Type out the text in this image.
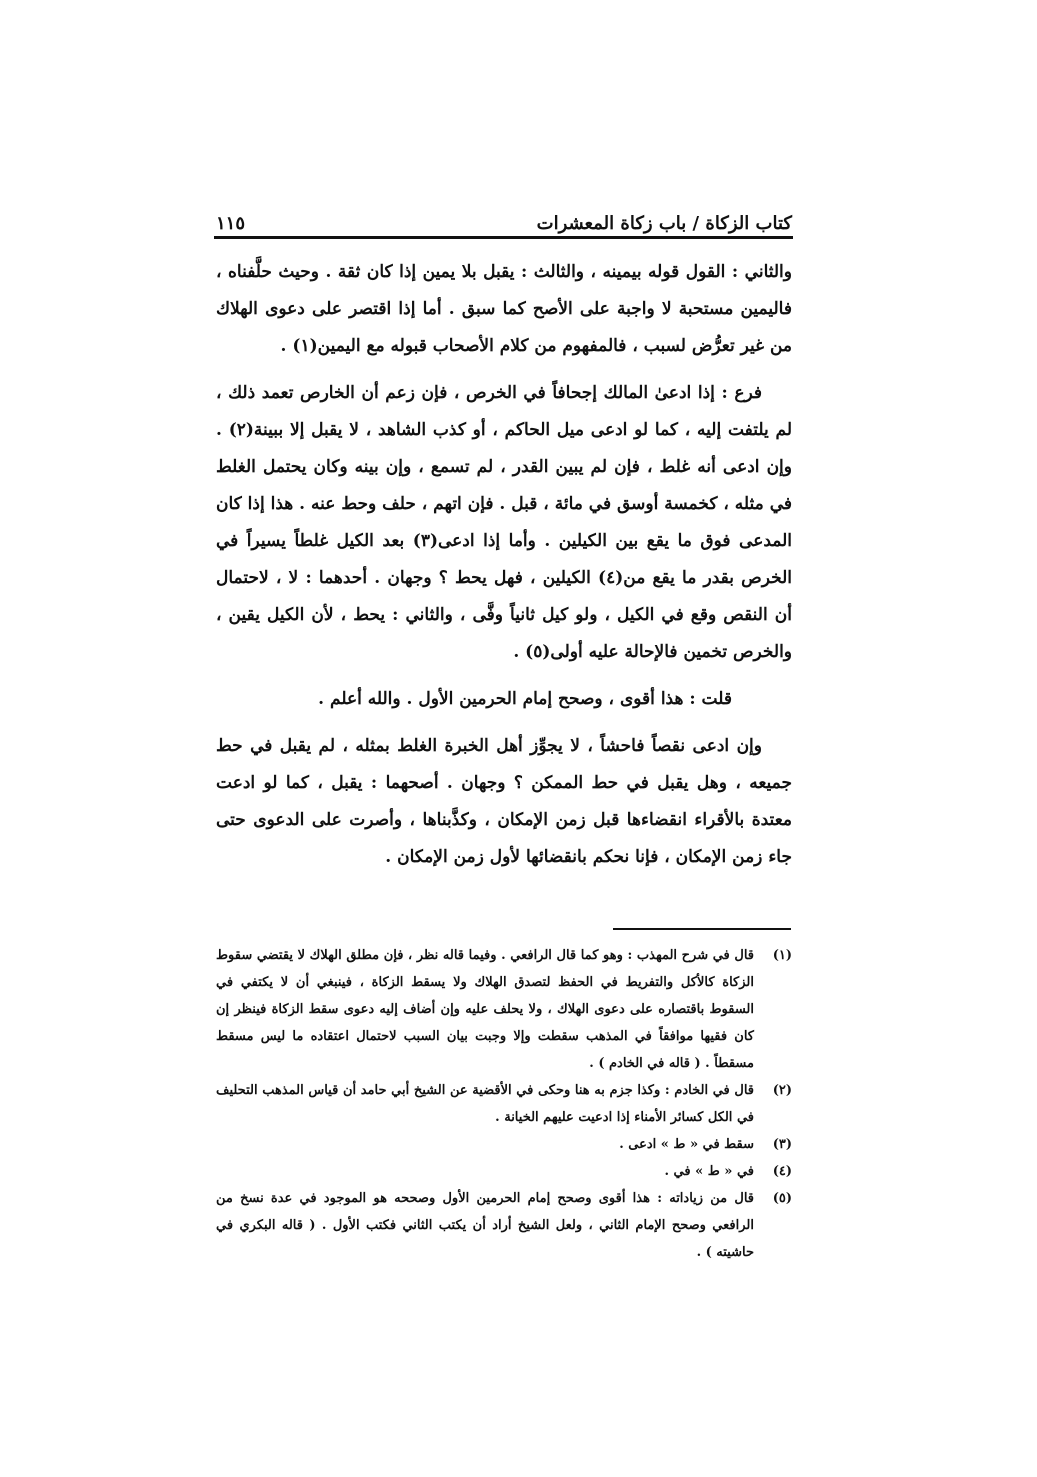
كتاب الزكاة / باب زكاة المعشرات
١١٥

والثاني : القول قوله بيمينه ، والثالث : يقبل بلا يمين إذا كان ثقة . وحيث حلَّفناه ، فاليمين مستحبة لا واجبة على الأصح كما سبق . أما إذا اقتصر على دعوى الهلاك من غير تعرُّض لسبب ، فالمفهوم من كلام الأصحاب قبوله مع اليمين(١) .

فرع : إذا ادعىٰ المالك إجحافاً في الخرص ، فإن زعم أن الخارص تعمد ذلك ، لم يلتفت إليه ، كما لو ادعى ميل الحاكم ، أو كذب الشاهد ، لا يقبل إلا ببينة(٢) . وإن ادعى أنه غلط ، فإن لم يبين القدر ، لم تسمع ، وإن بينه وكان يحتمل الغلط في مثله ، كخمسة أوسق في مائة ، قبل . فإن اتهم ، حلف وحط عنه . هذا إذا كان المدعى فوق ما يقع بين الكيلين . وأما إذا ادعى(٣) بعد الكيل غلطاً يسيراً في الخرص بقدر ما يقع من(٤) الكيلين ، فهل يحط ؟ وجهان . أحدهما : لا ، لاحتمال أن النقص وقع في الكيل ، ولو كيل ثانياً وفَّى ، والثاني : يحط ، لأن الكيل يقين ، والخرص تخمين فالإحالة عليه أولى(٥) .

قلت : هذا أقوى ، وصحح إمام الحرمين الأول . والله أعلم .

وإن ادعى نقصاً فاحشاً ، لا يجوِّز أهل الخبرة الغلط بمثله ، لم يقبل في حط جميعه ، وهل يقبل في حط الممكن ؟ وجهان . أصحهما : يقبل ، كما لو ادعت معتدة بالأقراء انقضاءها قبل زمن الإمكان ، وكذَّبناها ، وأصرت على الدعوى حتى جاء زمن الإمكان ، فإنا نحكم بانقضائها لأول زمن الإمكان .

(١)
قال في شرح المهذب : وهو كما قال الرافعي . وفيما قاله نظر ، فإن مطلق الهلاك لا يقتضي سقوط الزكاة كالأكل والتفريط في الحفظ لتصدق الهلاك ولا يسقط الزكاة ، فينبغي أن لا يكتفي في السقوط باقتصاره على دعوى الهلاك ، ولا يحلف عليه وإن أضاف إليه دعوى سقط الزكاة فينظر إن كان فقيها موافقاً في المذهب سقطت وإلا وجبت بيان السبب لاحتمال اعتقاده ما ليس مسقط مسقطاً . ( قاله في الخادم ) .
(٢)
قال في الخادم : وكذا جزم به هنا وحكى في الأقضية عن الشيخ أبي حامد أن قياس المذهب التحليف في الكل كسائر الأمناء إذا ادعيت عليهم الخيانة .
(٣)
سقط في « ط » ادعى .
(٤)
في « ط » في .
(٥)
قال من زياداته : هذا أقوى وصحح إمام الحرمين الأول وصححه هو الموجود في عدة نسخ من الرافعي وصحح الإمام الثاني ، ولعل الشيخ أراد أن يكتب الثاني فكتب الأول . ( قاله البكري في حاشيته ) .
